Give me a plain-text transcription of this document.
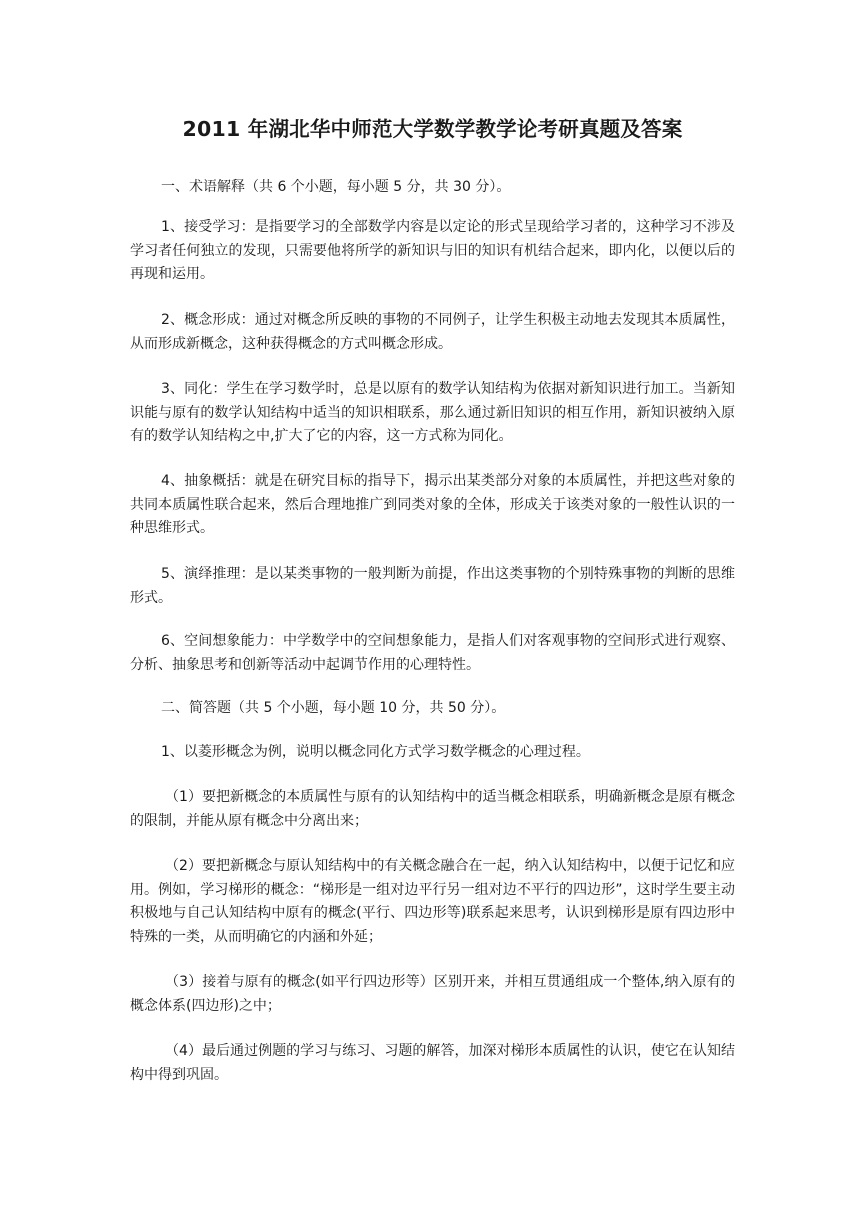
2011 年湖北华中师范大学数学教学论考研真题及答案
一、术语解释（共 6 个小题，每小题 5 分，共 30 分）。
1、接受学习：是指要学习的全部数学内容是以定论的形式呈现给学习者的，这种学习不涉及学习者任何独立的发现，只需要他将所学的新知识与旧的知识有机结合起来，即内化，以便以后的再现和运用。
2、概念形成：通过对概念所反映的事物的不同例子，让学生积极主动地去发现其本质属性，从而形成新概念，这种获得概念的方式叫概念形成。
3、同化：学生在学习数学时，总是以原有的数学认知结构为依据对新知识进行加工。当新知识能与原有的数学认知结构中适当的知识相联系，那么通过新旧知识的相互作用，新知识被纳入原有的数学认知结构之中,扩大了它的内容，这一方式称为同化。
4、抽象概括：就是在研究目标的指导下，揭示出某类部分对象的本质属性，并把这些对象的共同本质属性联合起来，然后合理地推广到同类对象的全体，形成关于该类对象的一般性认识的一种思维形式。
5、演绎推理：是以某类事物的一般判断为前提，作出这类事物的个别特殊事物的判断的思维形式。
6、空间想象能力：中学数学中的空间想象能力，是指人们对客观事物的空间形式进行观察、分析、抽象思考和创新等活动中起调节作用的心理特性。
二、简答题（共 5 个小题，每小题 10 分，共 50 分）。
1、以菱形概念为例，说明以概念同化方式学习数学概念的心理过程。
（1）要把新概念的本质属性与原有的认知结构中的适当概念相联系，明确新概念是原有概念的限制，并能从原有概念中分离出来；
（2）要把新概念与原认知结构中的有关概念融合在一起，纳入认知结构中，以便于记忆和应用。例如，学习梯形的概念：“梯形是一组对边平行另一组对边不平行的四边形”，这时学生要主动积极地与自己认知结构中原有的概念(平行、四边形等)联系起来思考，认识到梯形是原有四边形中特殊的一类，从而明确它的内涵和外延；
（3）接着与原有的概念(如平行四边形等）区别开来，并相互贯通组成一个整体,纳入原有的概念体系(四边形)之中；
（4）最后通过例题的学习与练习、习题的解答，加深对梯形本质属性的认识，使它在认知结构中得到巩固。
